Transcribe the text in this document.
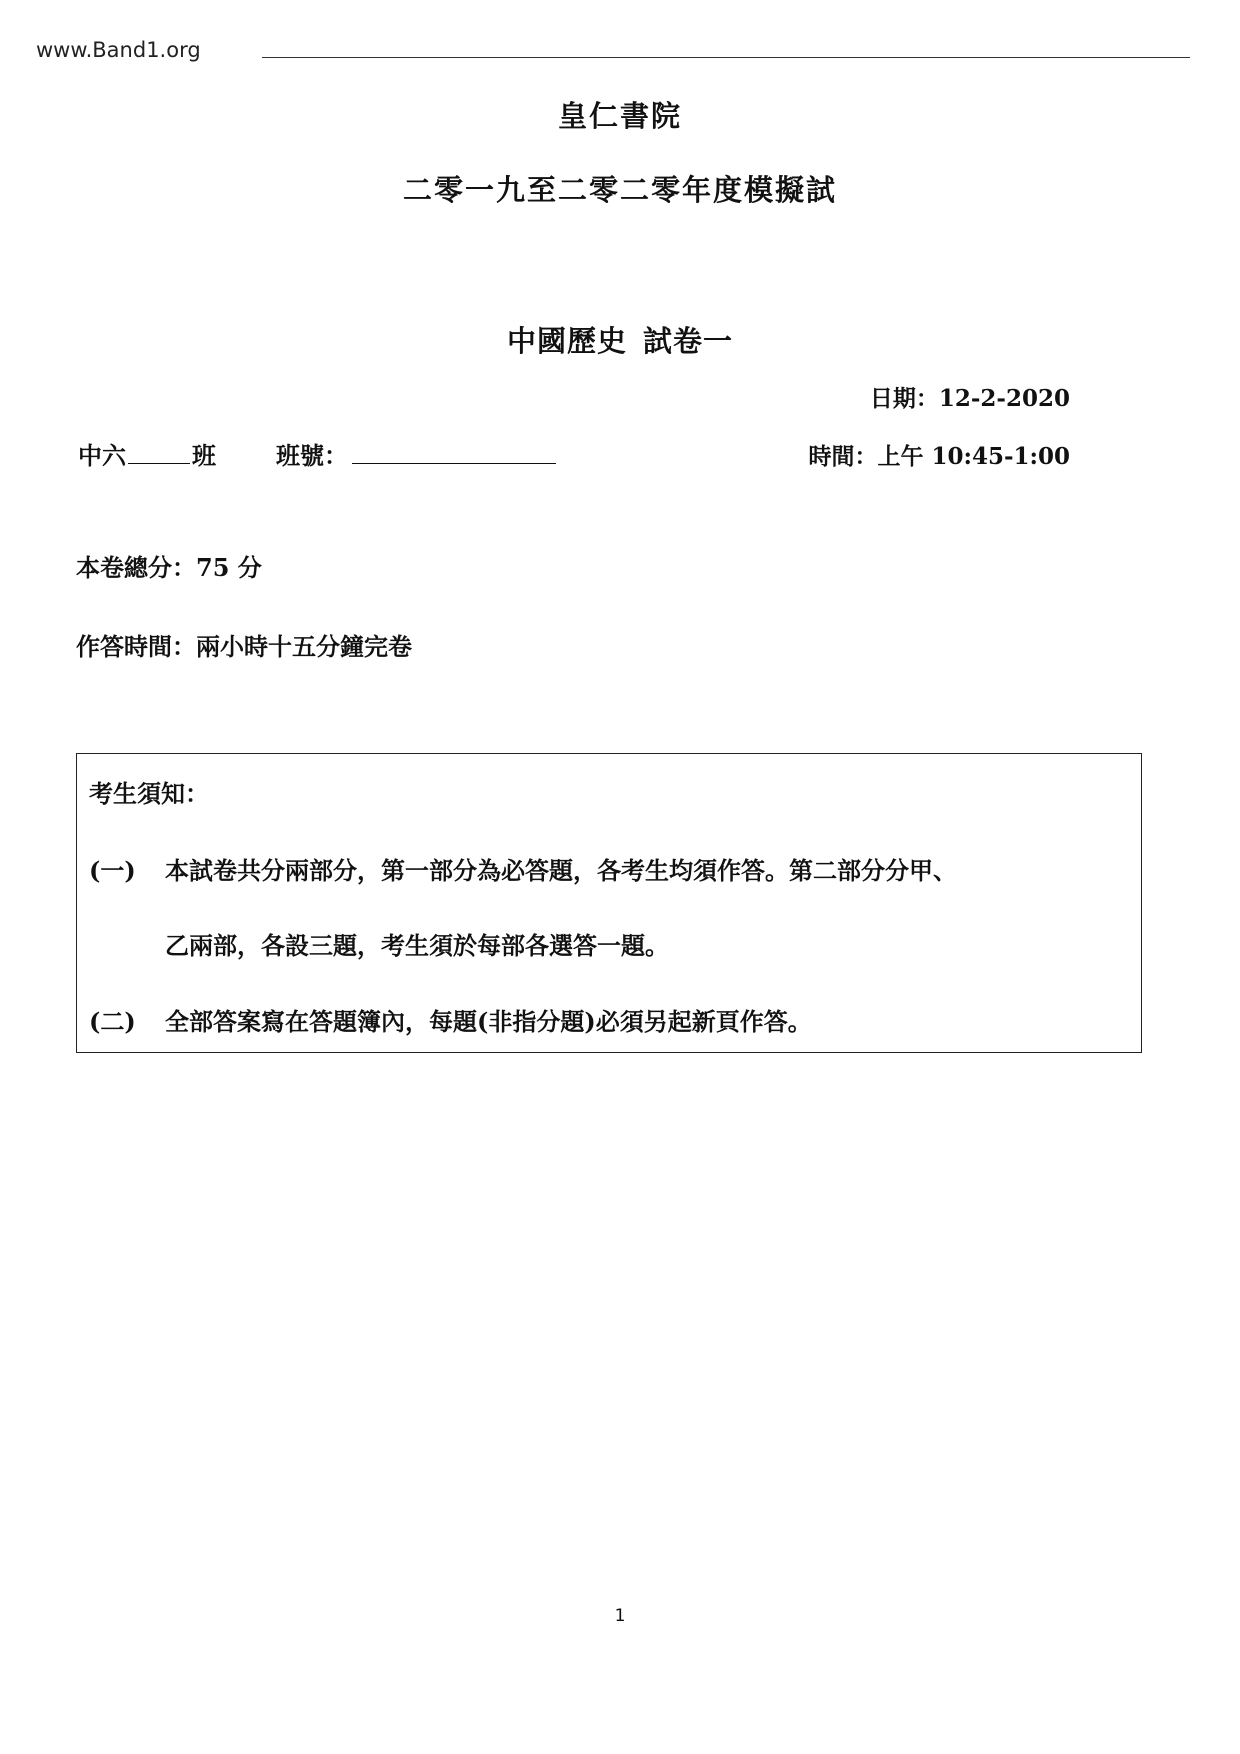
www.Band1.org
皇仁書院
二零一九至二零二零年度模擬試
中國歷史 試卷一
日期：12-2-2020
中六	班	班號：	時間：上午 10:45-1:00
本卷總分：75 分
作答時間：兩小時十五分鐘完卷
考生須知：
(一) 本試卷共分兩部分，第一部分為必答題，各考生均須作答。第二部分分甲、
乙兩部，各設三題，考生須於每部各選答一題。
(二) 全部答案寫在答題簿內，每題(非指分題)必須另起新頁作答。
1
